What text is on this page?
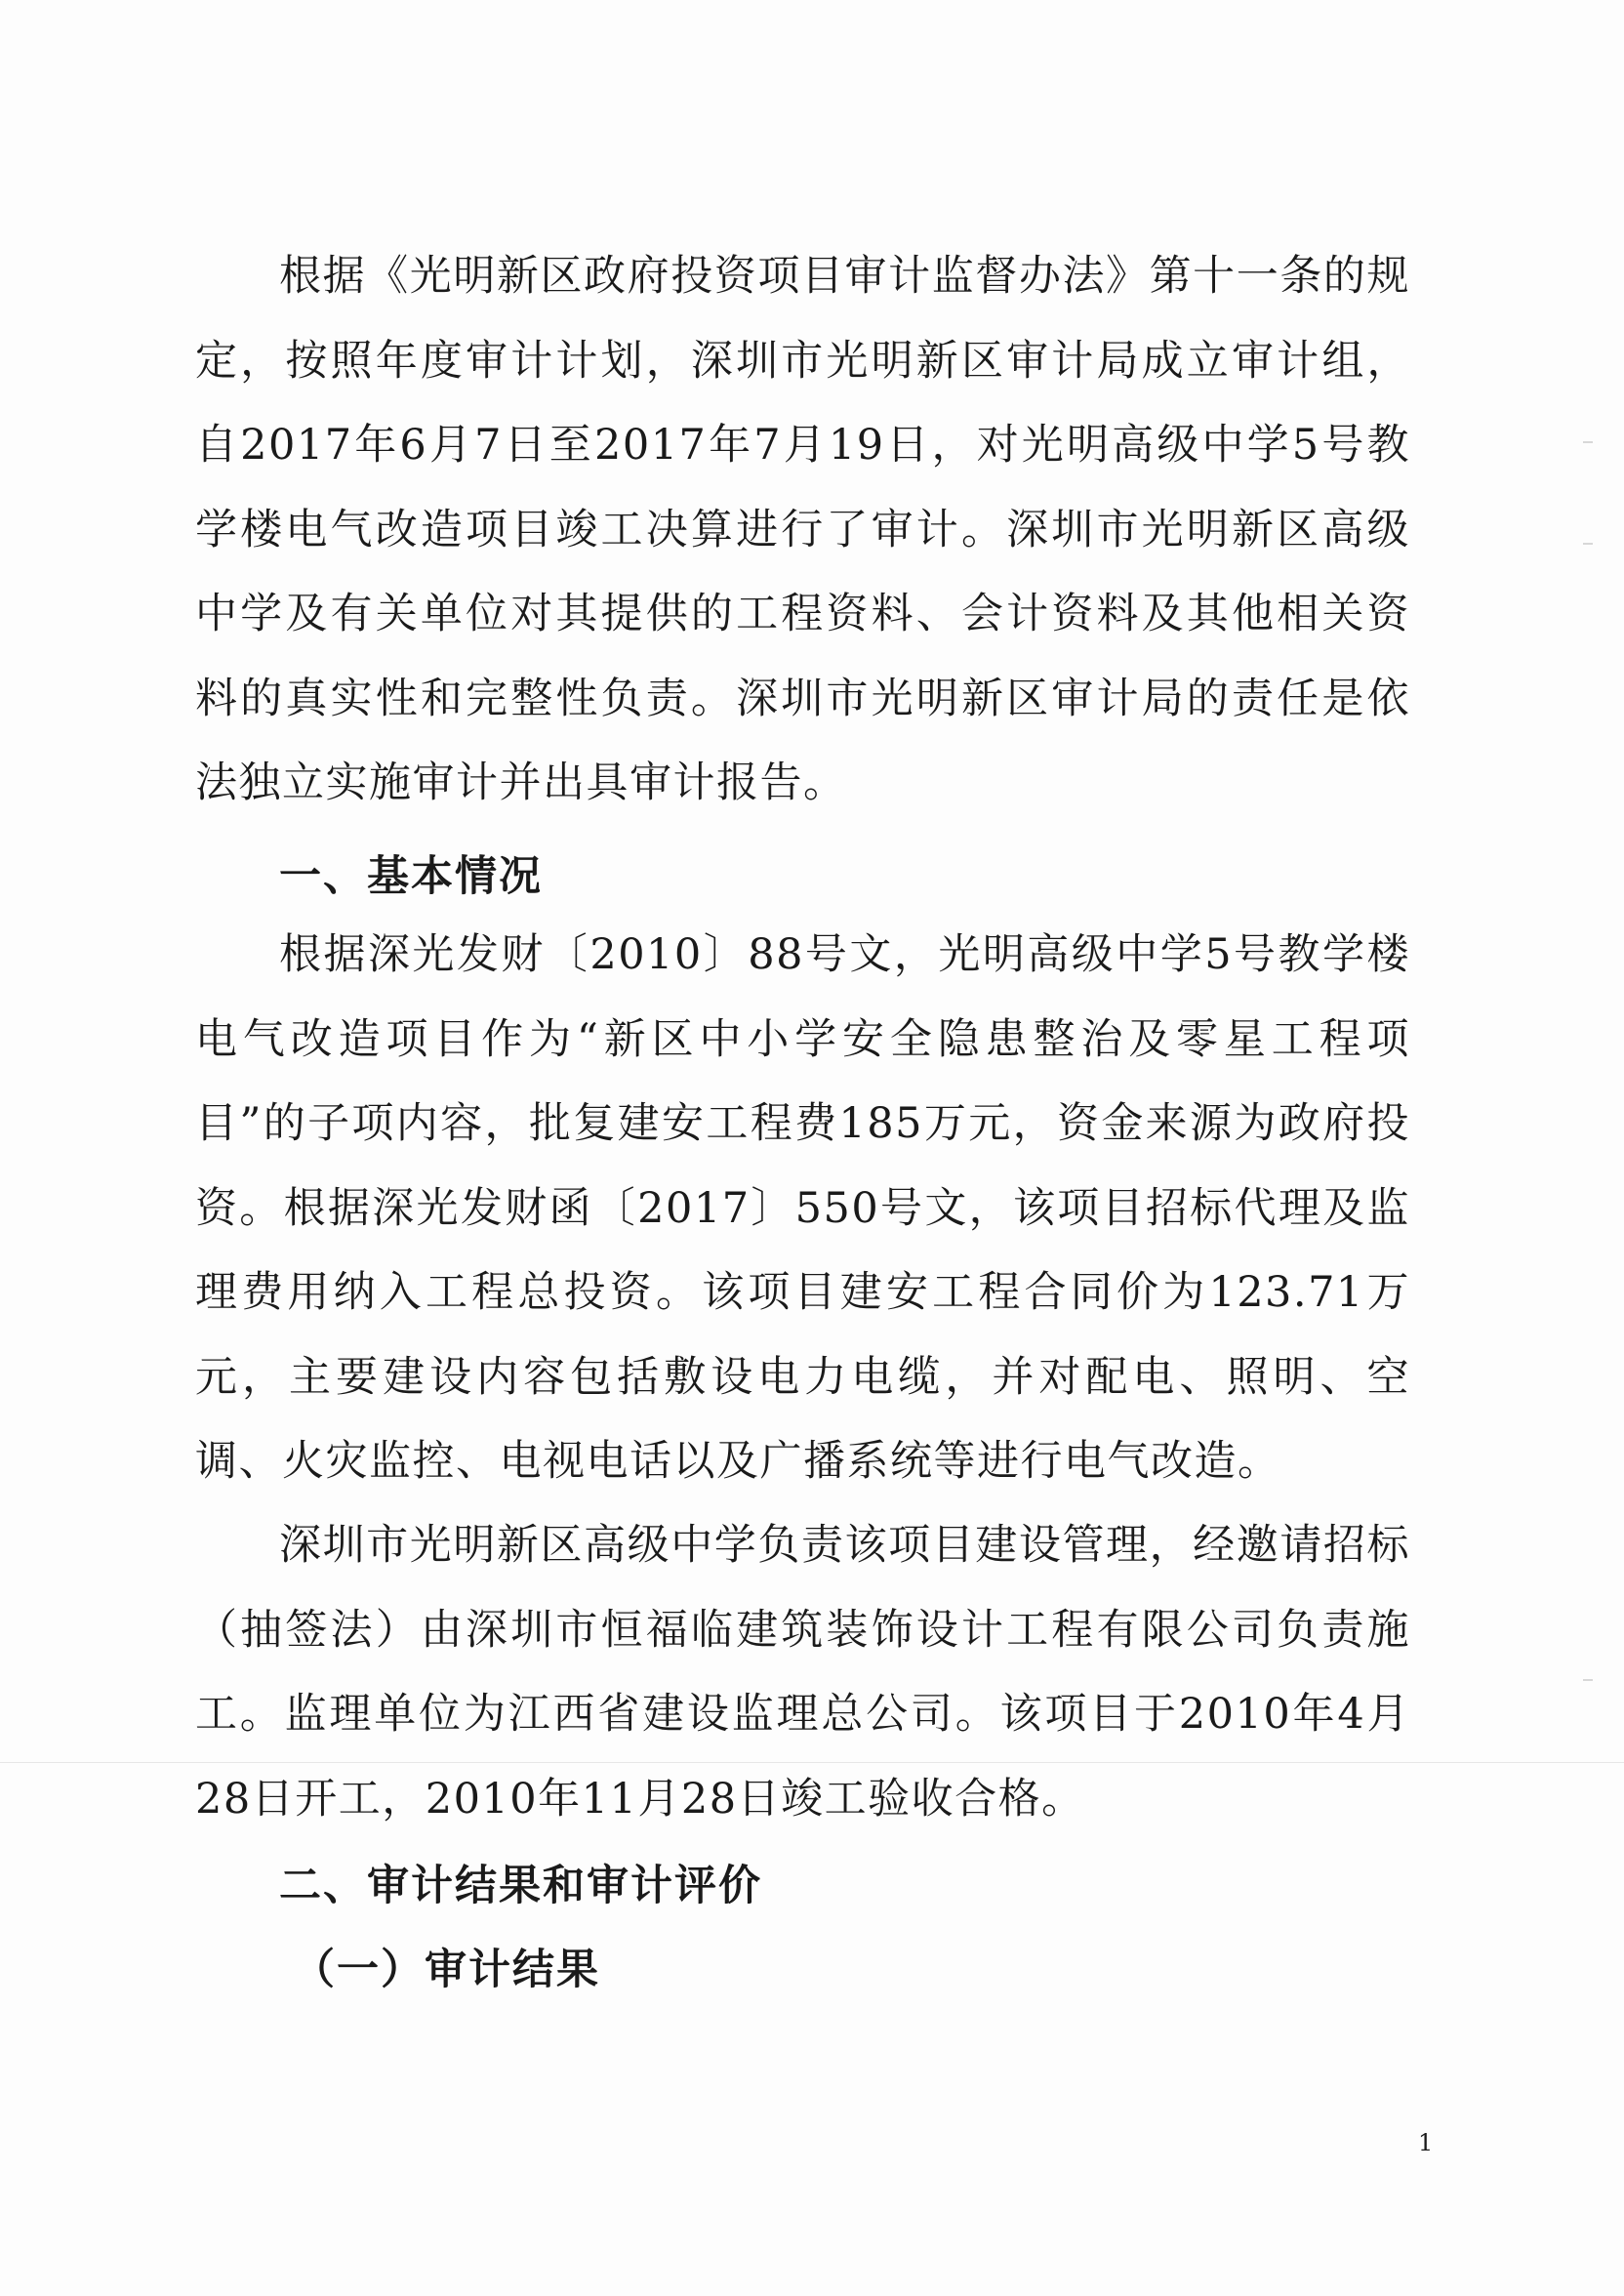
根据《光明新区政府投资项目审计监督办法》第十一条的规定，按照年度审计计划，深圳市光明新区审计局成立审计组，自2017年6月7日至2017年7月19日，对光明高级中学5号教学楼电气改造项目竣工决算进行了审计。深圳市光明新区高级中学及有关单位对其提供的工程资料、会计资料及其他相关资料的真实性和完整性负责。深圳市光明新区审计局的责任是依法独立实施审计并出具审计报告。

一、基本情况

根据深光发财〔2010〕88号文，光明高级中学5号教学楼电气改造项目作为“新区中小学安全隐患整治及零星工程项目”的子项内容，批复建安工程费185万元，资金来源为政府投资。根据深光发财函〔2017〕550号文，该项目招标代理及监理费用纳入工程总投资。该项目建安工程合同价为123.71万元，主要建设内容包括敷设电力电缆，并对配电、照明、空调、火灾监控、电视电话以及广播系统等进行电气改造。

深圳市光明新区高级中学负责该项目建设管理，经邀请招标（抽签法）由深圳市恒福临建筑装饰设计工程有限公司负责施工。监理单位为江西省建设监理总公司。该项目于2010年4月28日开工，2010年11月28日竣工验收合格。

二、审计结果和审计评价
（一）审计结果
1
